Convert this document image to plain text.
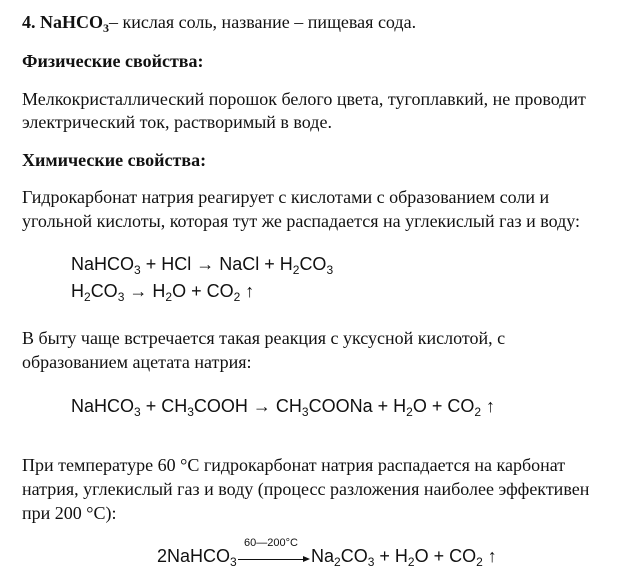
4. NaHCO$_3$– кислая соль, название – пищевая сода.
Физические свойства:
Мелкокристаллический порошок белого цвета, тугоплавкий, не проводит
электрический ток, растворимый в воде.
Химические свойства:
Гидрокарбонат натрия реагирует с кислотами с образованием соли и
угольной кислоты, которая тут же распадается на углекислый газ и воду:
NaHCO$_3$ + HCl → NaCl + $H_2CO_3$
$H_2CO_3 \to H_2O + CO_2$ ↑
В быту чаще встречается такая реакция с уксусной кислотой, с
образованием ацетата натрия:
NaHCO$_3$ + $CH_3COOH$ → $CH_3COONa + H_2O + CO_2$ ↑
При температуре 60 °С гидрокарбонат натрия распадается на карбонат
натрия, углекислый газ и воду (процесс разложения наиболее эффективен
при 200 °С):
2NaHCO$_3$
60—200°C
$Na_2CO_3 + H_2O + CO_2$ ↑
